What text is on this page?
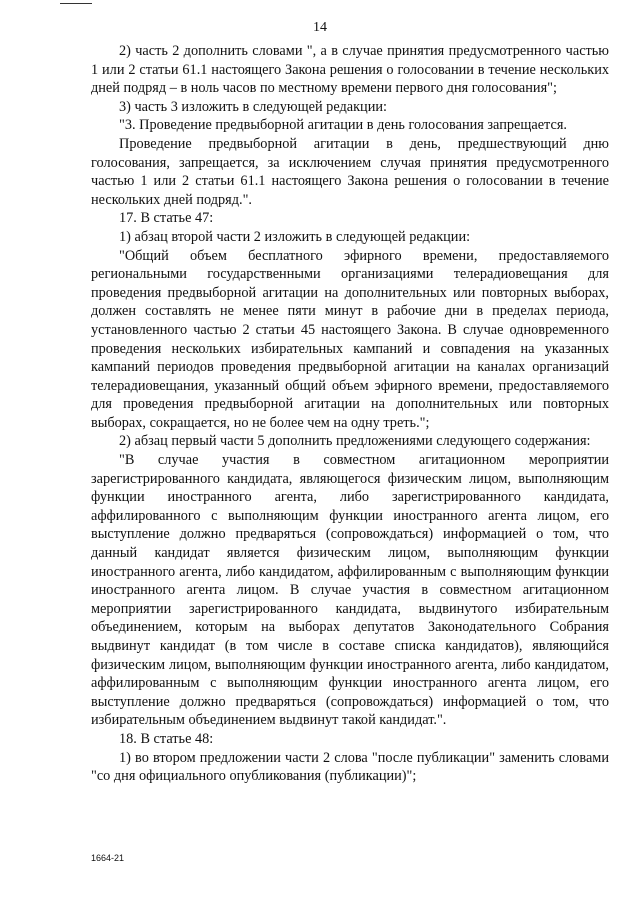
14

2) часть 2 дополнить словами ", а в случае принятия предусмотренного частью 1 или 2 статьи 61.1 настоящего Закона решения о голосовании в течение нескольких дней подряд – в ноль часов по местному времени первого дня голосования";

3) часть 3 изложить в следующей редакции:

"3. Проведение предвыборной агитации в день голосования запрещается.

Проведение предвыборной агитации в день, предшествующий дню голосования, запрещается, за исключением случая принятия предусмотренного частью 1 или 2 статьи 61.1 настоящего Закона решения о голосовании в течение нескольких дней подряд.".

17. В статье 47:

1) абзац второй части 2 изложить в следующей редакции:

"Общий объем бесплатного эфирного времени, предоставляемого региональными государственными организациями телерадиовещания для проведения предвыборной агитации на дополнительных или повторных выборах, должен составлять не менее пяти минут в рабочие дни в пределах периода, установленного частью 2 статьи 45 настоящего Закона. В случае одновременного проведения нескольких избирательных кампаний и совпадения на указанных кампаний периодов проведения предвыборной агитации на каналах организаций телерадиовещания, указанный общий объем эфирного времени, предоставляемого для проведения предвыборной агитации на дополнительных или повторных выборах, сокращается, но не более чем на одну треть.";

2) абзац первый части 5 дополнить предложениями следующего содержания:

"В случае участия в совместном агитационном мероприятии зарегистрированного кандидата, являющегося физическим лицом, выполняющим функции иностранного агента, либо зарегистрированного кандидата, аффилированного с выполняющим функции иностранного агента лицом, его выступление должно предваряться (сопровождаться) информацией о том, что данный кандидат является физическим лицом, выполняющим функции иностранного агента, либо кандидатом, аффилированным с выполняющим функции иностранного агента лицом. В случае участия в совместном агитационном мероприятии зарегистрированного кандидата, выдвинутого избирательным объединением, которым на выборах депутатов Законодательного Собрания выдвинут кандидат (в том числе в составе списка кандидатов), являющийся физическим лицом, выполняющим функции иностранного агента, либо кандидатом, аффилированным с выполняющим функции иностранного агента лицом, его выступление должно предваряться (сопровождаться) информацией о том, что избирательным объединением выдвинут такой кандидат.".

18. В статье 48:

1) во втором предложении части 2 слова "после публикации" заменить словами "со дня официального опубликования (публикации)";

1664-21
